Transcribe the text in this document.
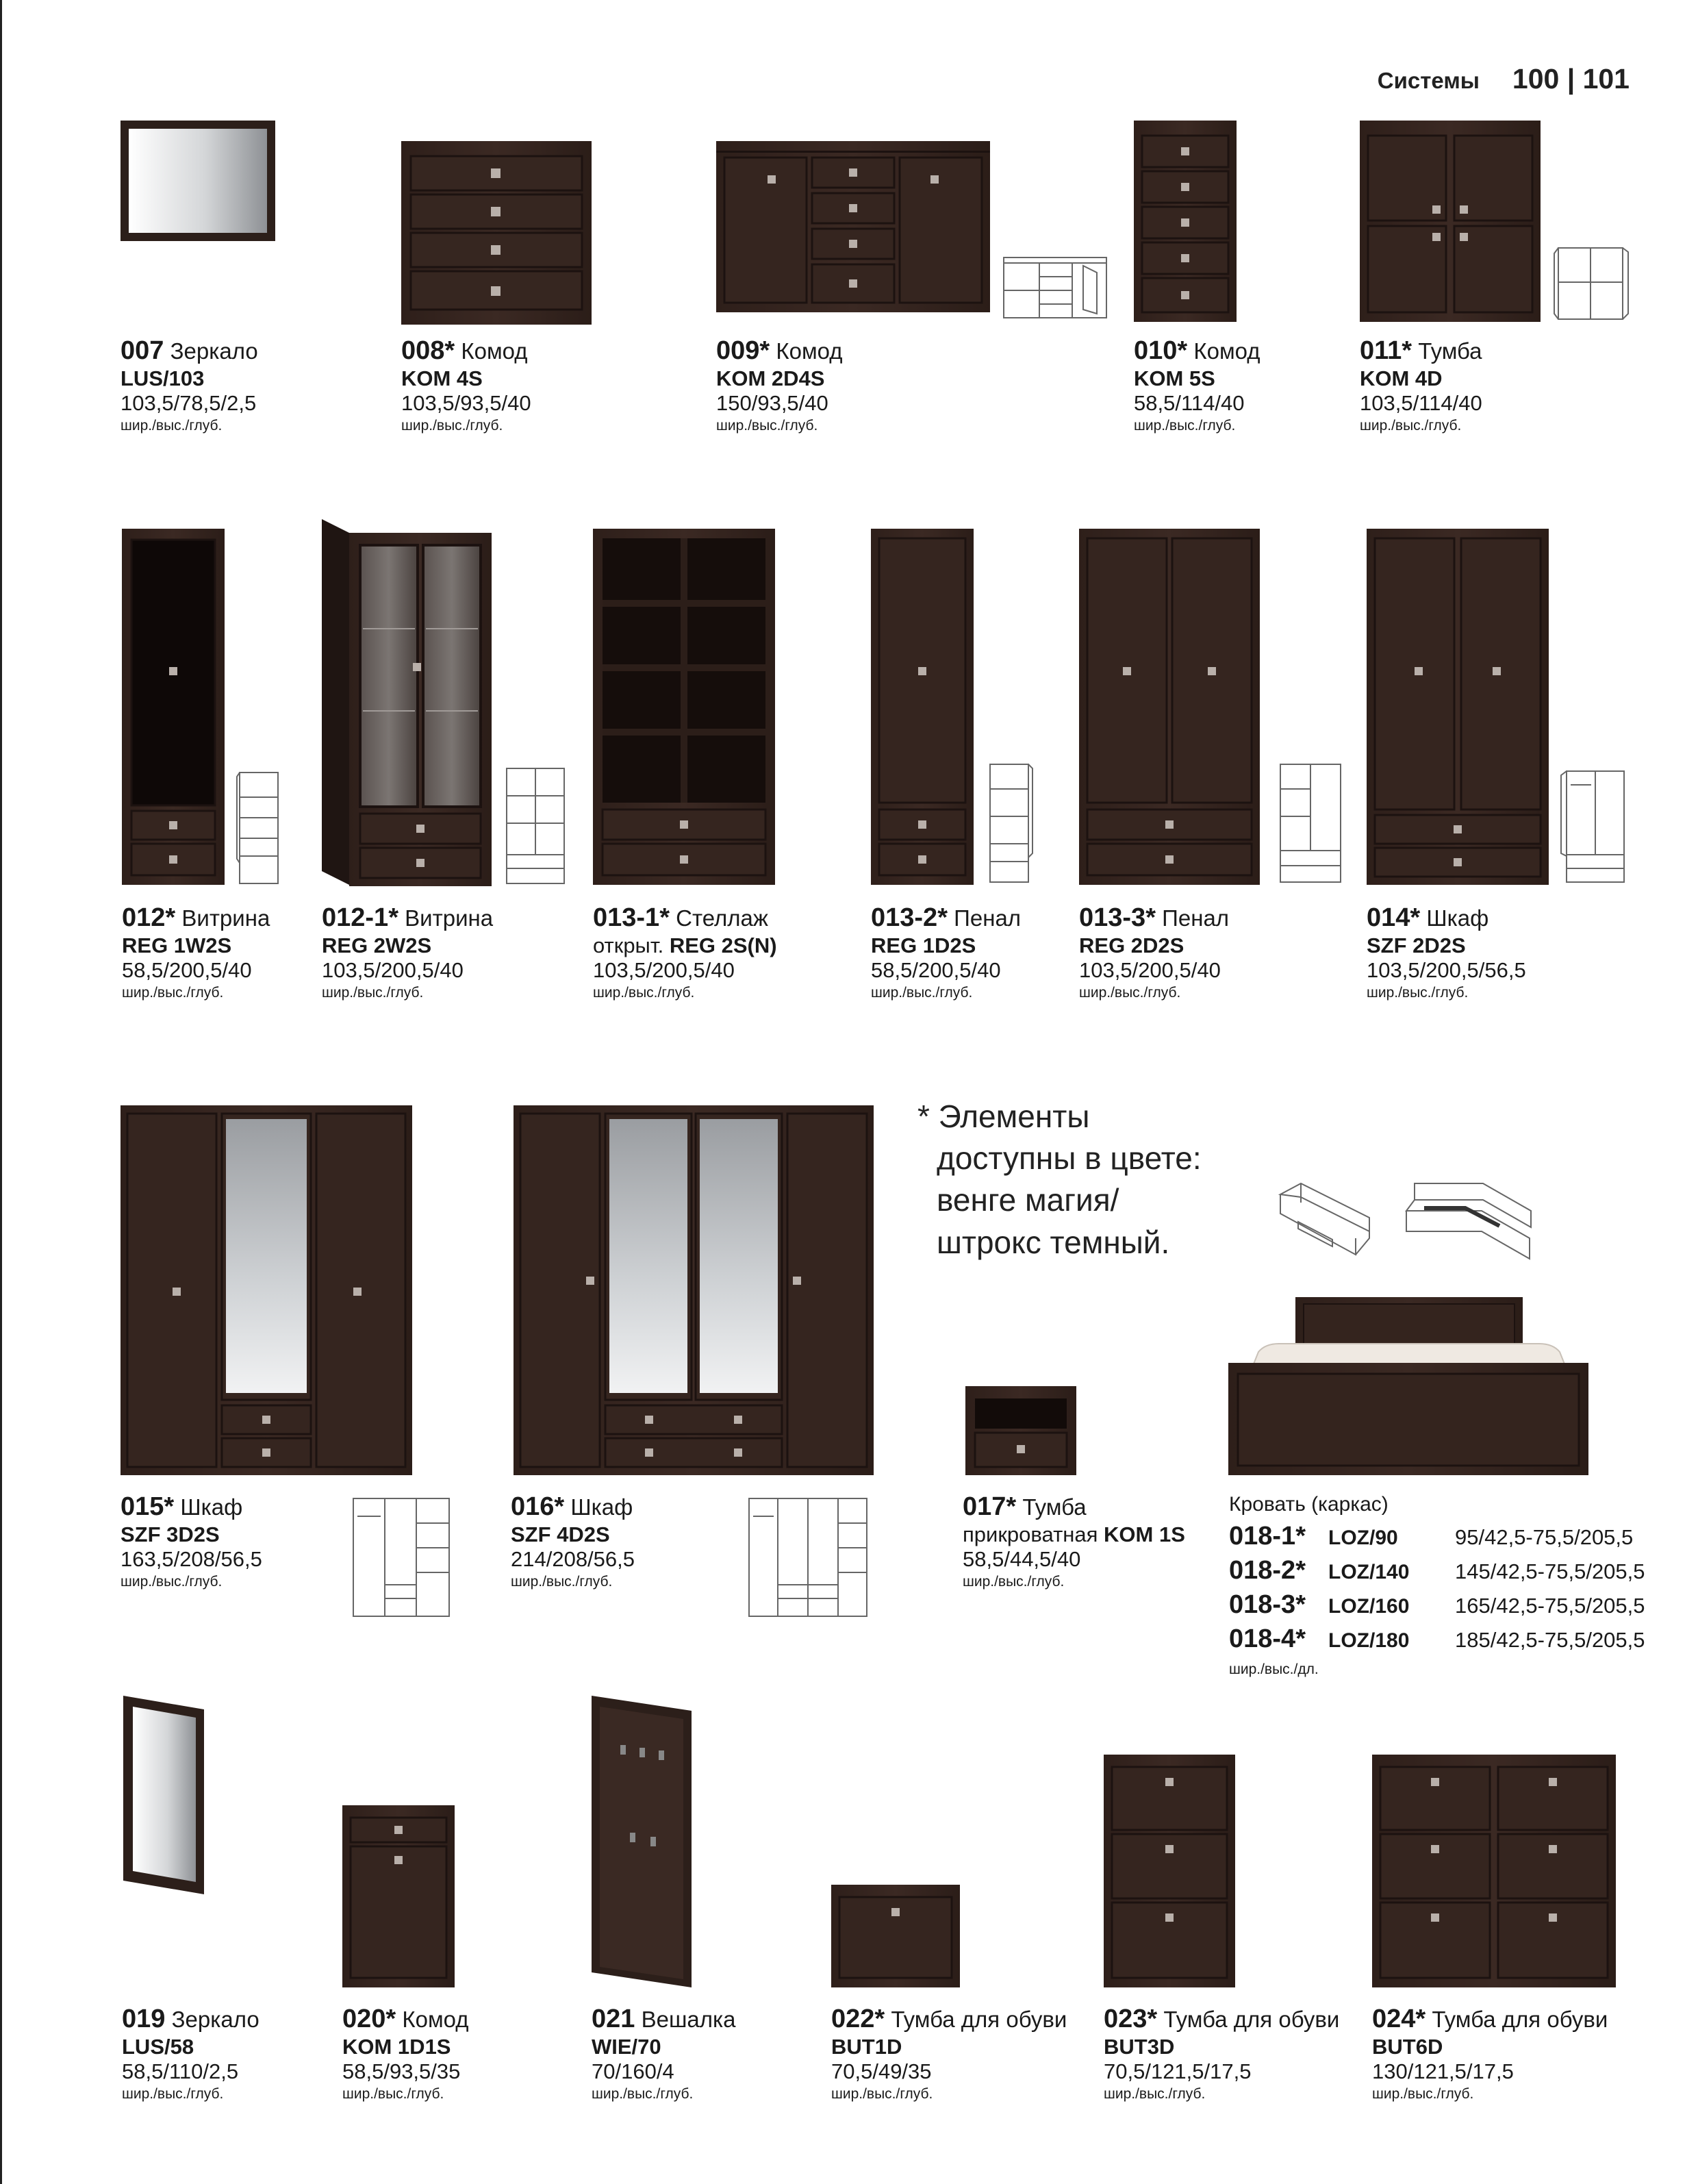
Системы 100 | 101
007 Зеркало
LUS/103
103,5/78,5/2,5
шир./выс./глуб.
008* Комод
KOM 4S
103,5/93,5/40
шир./выс./глуб.
009* Комод
KOM 2D4S
150/93,5/40
шир./выс./глуб.
010* Комод
KOM 5S
58,5/114/40
шир./выс./глуб.
011* Тумба
KOM 4D
103,5/114/40
шир./выс./глуб.
012* Витрина
REG 1W2S
58,5/200,5/40
шир./выс./глуб.
012-1* Витрина
REG 2W2S
103,5/200,5/40
шир./выс./глуб.
013-1* Стеллаж
открыт. REG 2S(N)
103,5/200,5/40
шир./выс./глуб.
013-2* Пенал
REG 1D2S
58,5/200,5/40
шир./выс./глуб.
013-3* Пенал
REG 2D2S
103,5/200,5/40
шир./выс./глуб.
014* Шкаф
SZF 2D2S
103,5/200,5/56,5
шир./выс./глуб.
015* Шкаф
SZF 3D2S
163,5/208/56,5
шир./выс./глуб.
016* Шкаф
SZF 4D2S
214/208/56,5
шир./выс./глуб.
* Элементы
доступны в цвете:
венге магия/
штрокс темный.
Кровать (каркас)
018-1*	LOZ/90	95/42,5-75,5/205,5
018-2*	LOZ/140	145/42,5-75,5/205,5
018-3*	LOZ/160	165/42,5-75,5/205,5
018-4*	LOZ/180	185/42,5-75,5/205,5
шир./выс./дл.
017* Тумба
прикроватная KOM 1S
58,5/44,5/40
шир./выс./глуб.
019 Зеркало
LUS/58
58,5/110/2,5
шир./выс./глуб.
020* Комод
KOM 1D1S
58,5/93,5/35
шир./выс./глуб.
021 Вешалка
WIE/70
70/160/4
шир./выс./глуб.
022* Тумба для обуви
BUT1D
70,5/49/35
шир./выс./глуб.
023* Тумба для обуви
BUT3D
70,5/121,5/17,5
шир./выс./глуб.
024* Тумба для обуви
BUT6D
130/121,5/17,5
шир./выс./глуб.
